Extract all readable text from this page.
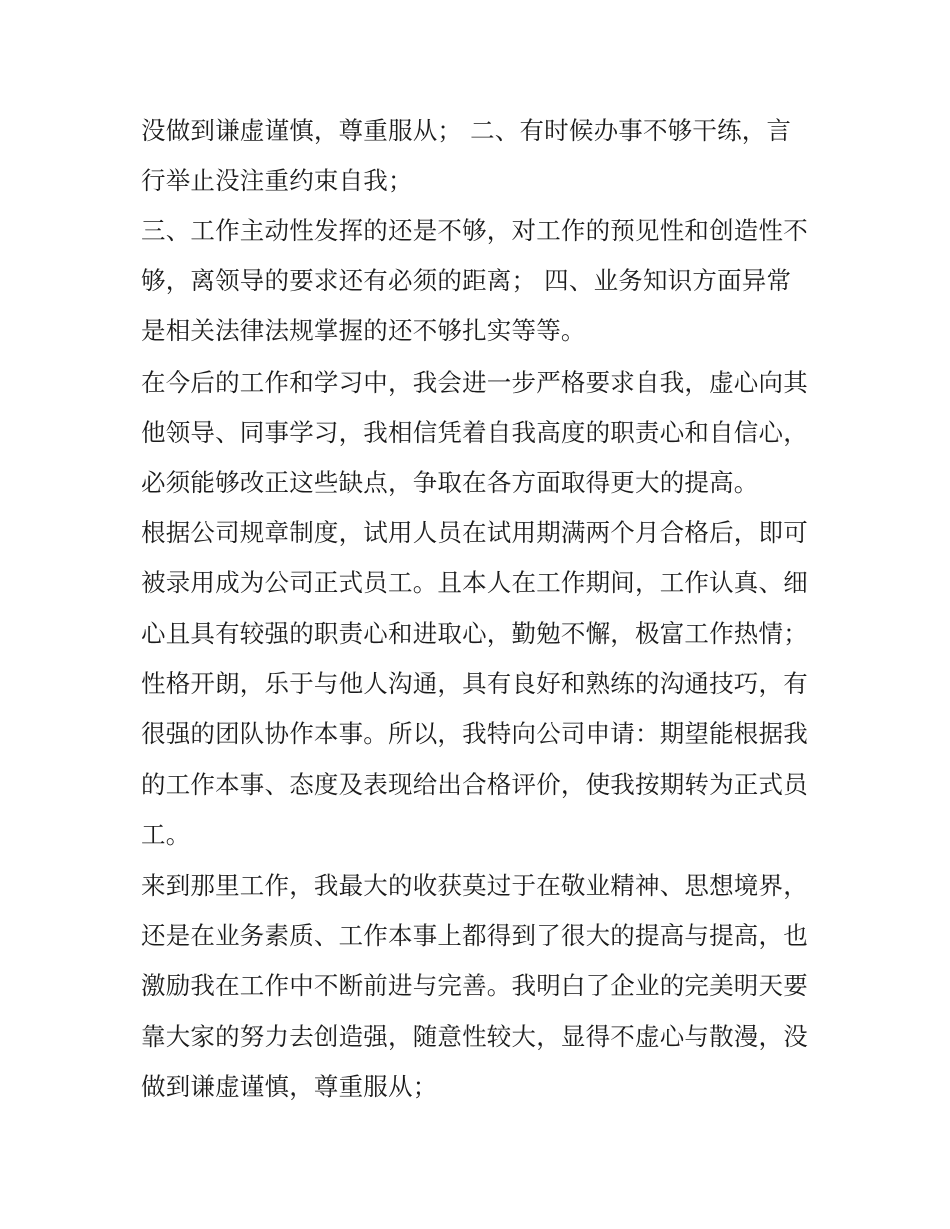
没做到谦虚谨慎，尊重服从； 二、有时候办事不够干练，言
行举止没注重约束自我；
三、工作主动性发挥的还是不够，对工作的预见性和创造性不
够，离领导的要求还有必须的距离； 四、业务知识方面异常
是相关法律法规掌握的还不够扎实等等。
在今后的工作和学习中，我会进一步严格要求自我，虚心向其
他领导、同事学习，我相信凭着自我高度的职责心和自信心，
必须能够改正这些缺点，争取在各方面取得更大的提高。
根据公司规章制度，试用人员在试用期满两个月合格后，即可
被录用成为公司正式员工。且本人在工作期间，工作认真、细
心且具有较强的职责心和进取心，勤勉不懈，极富工作热情；
性格开朗，乐于与他人沟通，具有良好和熟练的沟通技巧，有
很强的团队协作本事。所以，我特向公司申请：期望能根据我
的工作本事、态度及表现给出合格评价，使我按期转为正式员
工。
来到那里工作，我最大的收获莫过于在敬业精神、思想境界，
还是在业务素质、工作本事上都得到了很大的提高与提高，也
激励我在工作中不断前进与完善。我明白了企业的完美明天要
靠大家的努力去创造强，随意性较大，显得不虚心与散漫，没
做到谦虚谨慎，尊重服从；
